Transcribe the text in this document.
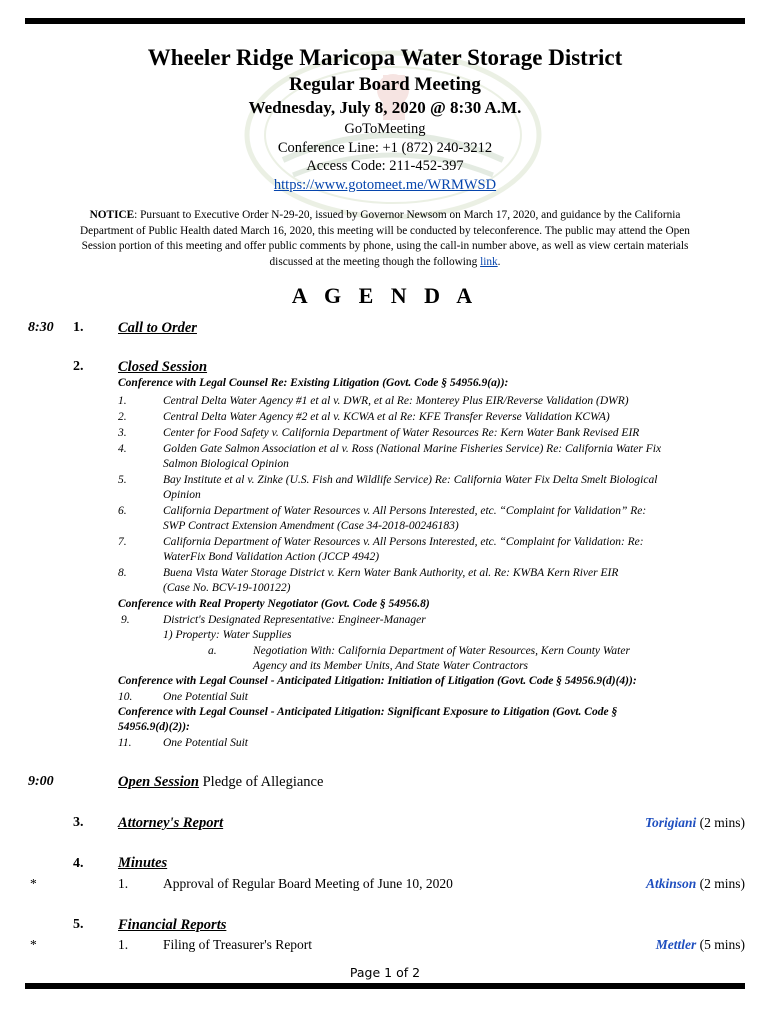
Wheeler Ridge Maricopa Water Storage District
Regular Board Meeting
Wednesday, July 8, 2020 @ 8:30 A.M.
GoToMeeting
Conference Line: +1 (872) 240-3212
Access Code: 211-452-397
https://www.gotomeet.me/WRMWSD
NOTICE: Pursuant to Executive Order N-29-20, issued by Governor Newsom on March 17, 2020, and guidance by the California Department of Public Health dated March 16, 2020, this meeting will be conducted by teleconference. The public may attend the Open Session portion of this meeting and offer public comments by phone, using the call-in number above, as well as view certain materials discussed at the meeting though the following link.
A G E N D A
8:30 1. Call to Order
2. Closed Session
Conference with Legal Counsel Re: Existing Litigation (Govt. Code § 54956.9(a)):
1.	Central Delta Water Agency #1 et al v. DWR, et al Re: Monterey Plus EIR/Reverse Validation (DWR)
2.	Central Delta Water Agency #2 et al v. KCWA et al Re: KFE Transfer Reverse Validation KCWA)
3.	Center for Food Safety v. California Department of Water Resources Re: Kern Water Bank Revised EIR
4.	Golden Gate Salmon Association et al v. Ross (National Marine Fisheries Service) Re: California Water Fix
Salmon Biological Opinion
5.	Bay Institute et al v. Zinke (U.S. Fish and Wildlife Service) Re: California Water Fix Delta Smelt Biological
Opinion
6.	California Department of Water Resources v. All Persons Interested, etc. “Complaint for Validation” Re:
SWP Contract Extension Amendment (Case 34-2018-00246183)
7.	California Department of Water Resources v. All Persons Interested, etc. “Complaint for Validation: Re:
WaterFix Bond Validation Action (JCCP 4942)
8.	Buena Vista Water Storage District v. Kern Water Bank Authority, et al. Re: KWBA Kern River EIR
(Case No. BCV-19-100122)
Conference with Real Property Negotiator (Govt. Code § 54956.8)
9.	District's Designated Representative: Engineer-Manager
1) Property: Water Supplies
a.	Negotiation With: California Department of Water Resources, Kern County Water
Agency and its Member Units, And State Water Contractors
Conference with Legal Counsel - Anticipated Litigation: Initiation of Litigation (Govt. Code § 54956.9(d)(4)):
10.	One Potential Suit
Conference with Legal Counsel - Anticipated Litigation: Significant Exposure to Litigation (Govt. Code §
54956.9(d)(2)):
11.	One Potential Suit
9:00	Open Session Pledge of Allegiance
3. Attorney's Report	Torigiani (2 mins)
4. Minutes
*	1.	Approval of Regular Board Meeting of June 10, 2020	Atkinson (2 mins)
5. Financial Reports
*	1.	Filing of Treasurer's Report	Mettler (5 mins)
Page 1 of 2
